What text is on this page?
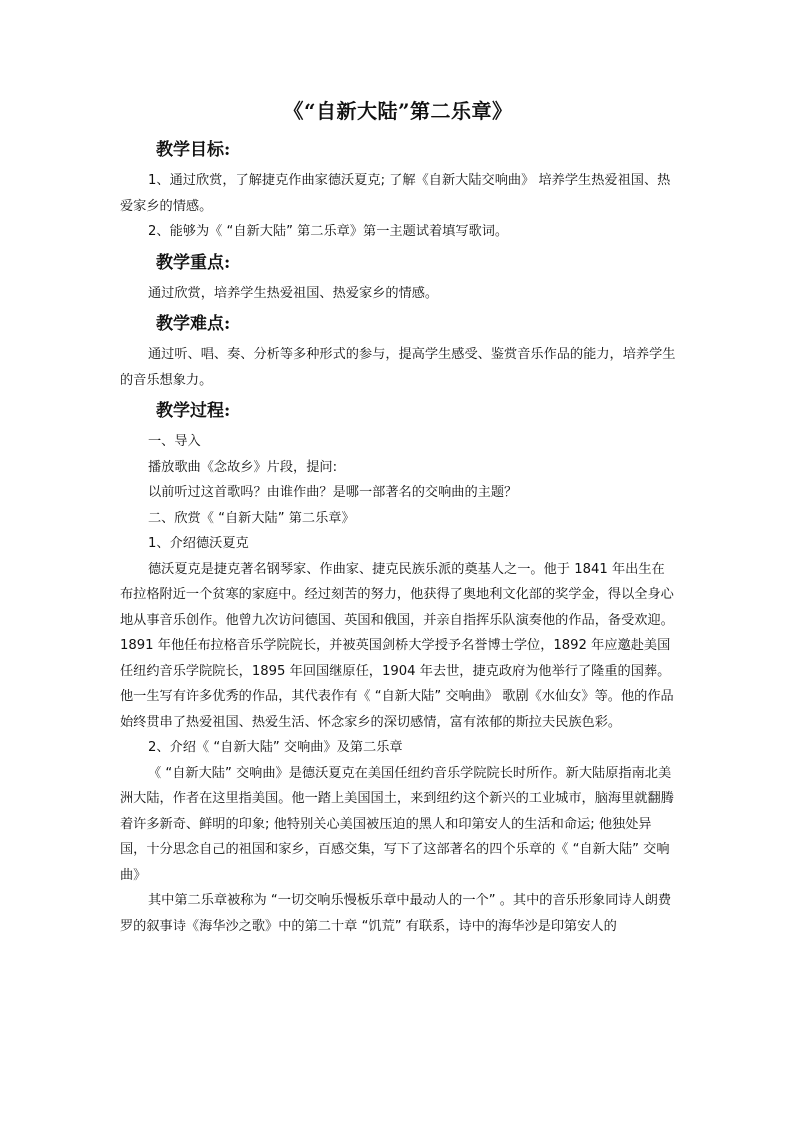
《“自新大陆”第二乐章》
教学目标:

1、通过欣赏，了解捷克作曲家德沃夏克; 了解《自新大陆交响曲》 培养学生热爱祖国、热爱家乡的情感。

2、能够为《 “自新大陆” 第二乐章》第一主题试着填写歌词。

教学重点:

通过欣赏，培养学生热爱祖国、热爱家乡的情感。

教学难点:

通过听、唱、奏、分析等多种形式的参与，提高学生感受、鉴赏音乐作品的能力，培养学生的音乐想象力。

教学过程:

一、导入

播放歌曲《念故乡》片段，提问:

以前听过这首歌吗？由谁作曲？是哪一部著名的交响曲的主题？

二、欣赏《 “自新大陆” 第二乐章》

1、介绍德沃夏克

德沃夏克是捷克著名钢琴家、作曲家、捷克民族乐派的奠基人之一。他于 1841 年出生在布拉格附近一个贫寒的家庭中。经过刻苦的努力，他获得了奥地利文化部的奖学金，得以全身心地从事音乐创作。他曾九次访问德国、英国和俄国，并亲自指挥乐队演奏他的作品，备受欢迎。1891 年他任布拉格音乐学院院长，并被英国剑桥大学授予名誉博士学位，1892 年应邀赴美国任纽约音乐学院院长，1895 年回国继原任，1904 年去世，捷克政府为他举行了隆重的国葬。他一生写有许多优秀的作品，其代表作有《 “自新大陆” 交响曲》 歌剧《水仙女》等。他的作品始终贯串了热爱祖国、热爱生活、怀念家乡的深切感情，富有浓郁的斯拉夫民族色彩。

2、介绍《 “自新大陆” 交响曲》及第二乐章

《 “自新大陆” 交响曲》是德沃夏克在美国任纽约音乐学院院长时所作。新大陆原指南北美洲大陆，作者在这里指美国。他一踏上美国国土，来到纽约这个新兴的工业城市，脑海里就翻腾着许多新奇、鲜明的印象; 他特别关心美国被压迫的黑人和印第安人的生活和命运; 他独处异国，十分思念自己的祖国和家乡，百感交集，写下了这部著名的四个乐章的《 “自新大陆” 交响曲》

其中第二乐章被称为 “一切交响乐慢板乐章中最动人的一个” 。其中的音乐形象同诗人朗费罗的叙事诗《海华沙之歌》中的第二十章 “饥荒” 有联系，诗中的海华沙是印第安人的
